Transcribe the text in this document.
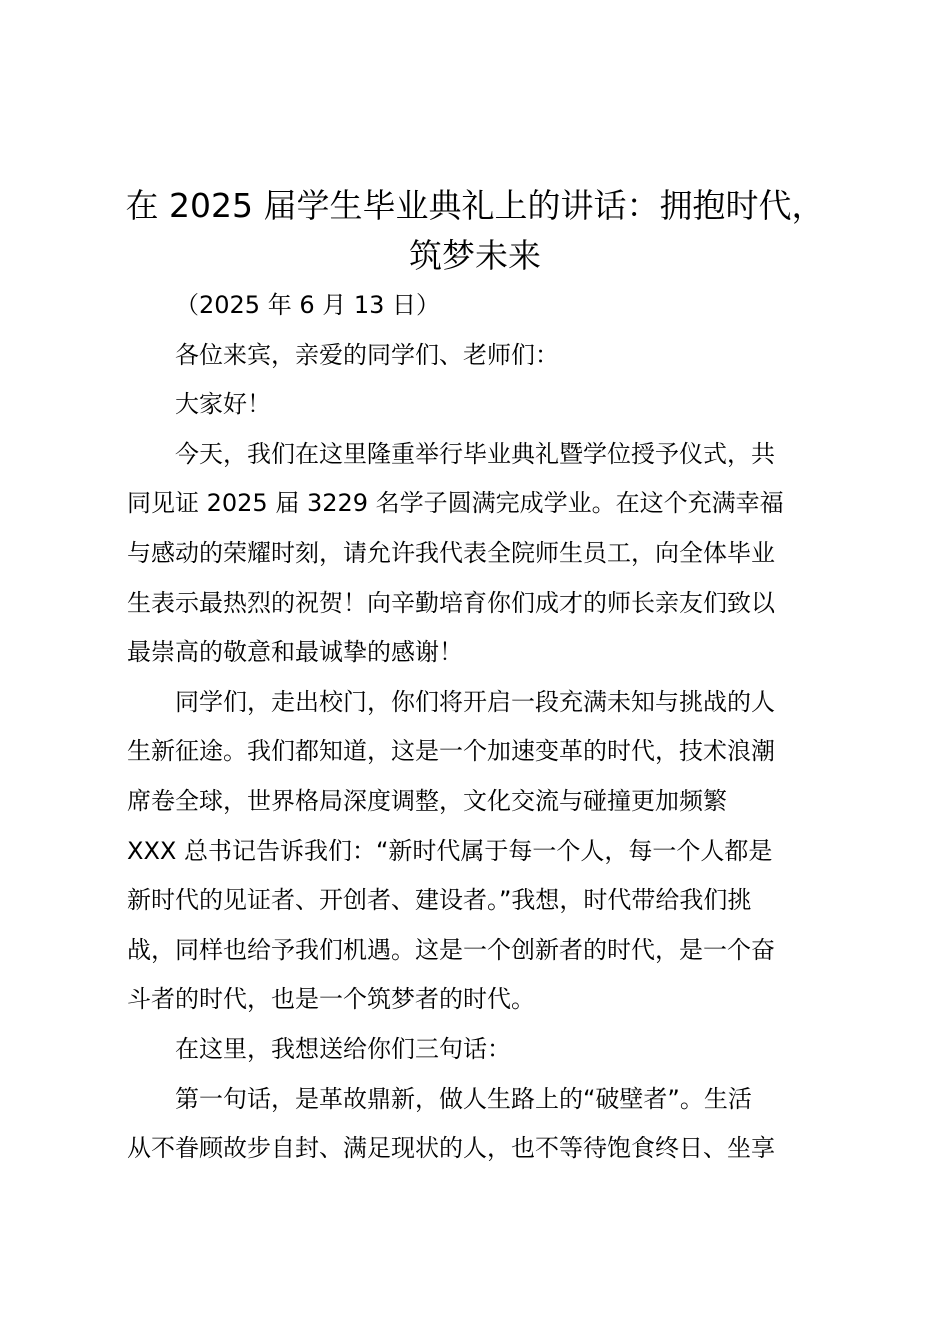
在 2025 届学生毕业典礼上的讲话：拥抱时代，
筑梦未来

（2025 年 6 月 13 日）

各位来宾，亲爱的同学们、老师们：

大家好！

今天，我们在这里隆重举行毕业典礼暨学位授予仪式，共
同见证 2025 届 3229 名学子圆满完成学业。在这个充满幸福
与感动的荣耀时刻，请允许我代表全院师生员工，向全体毕业
生表示最热烈的祝贺！向辛勤培育你们成才的师长亲友们致以
最崇高的敬意和最诚挚的感谢！

同学们，走出校门，你们将开启一段充满未知与挑战的人
生新征途。我们都知道，这是一个加速变革的时代，技术浪潮
席卷全球，世界格局深度调整，文化交流与碰撞更加频繁
XXX 总书记告诉我们：“新时代属于每一个人，每一个人都是
新时代的见证者、开创者、建设者。”我想，时代带给我们挑
战，同样也给予我们机遇。这是一个创新者的时代，是一个奋
斗者的时代，也是一个筑梦者的时代。

在这里，我想送给你们三句话：

第一句话，是革故鼎新，做人生路上的“破壁者”。生活
从不眷顾故步自封、满足现状的人，也不等待饱食终日、坐享
